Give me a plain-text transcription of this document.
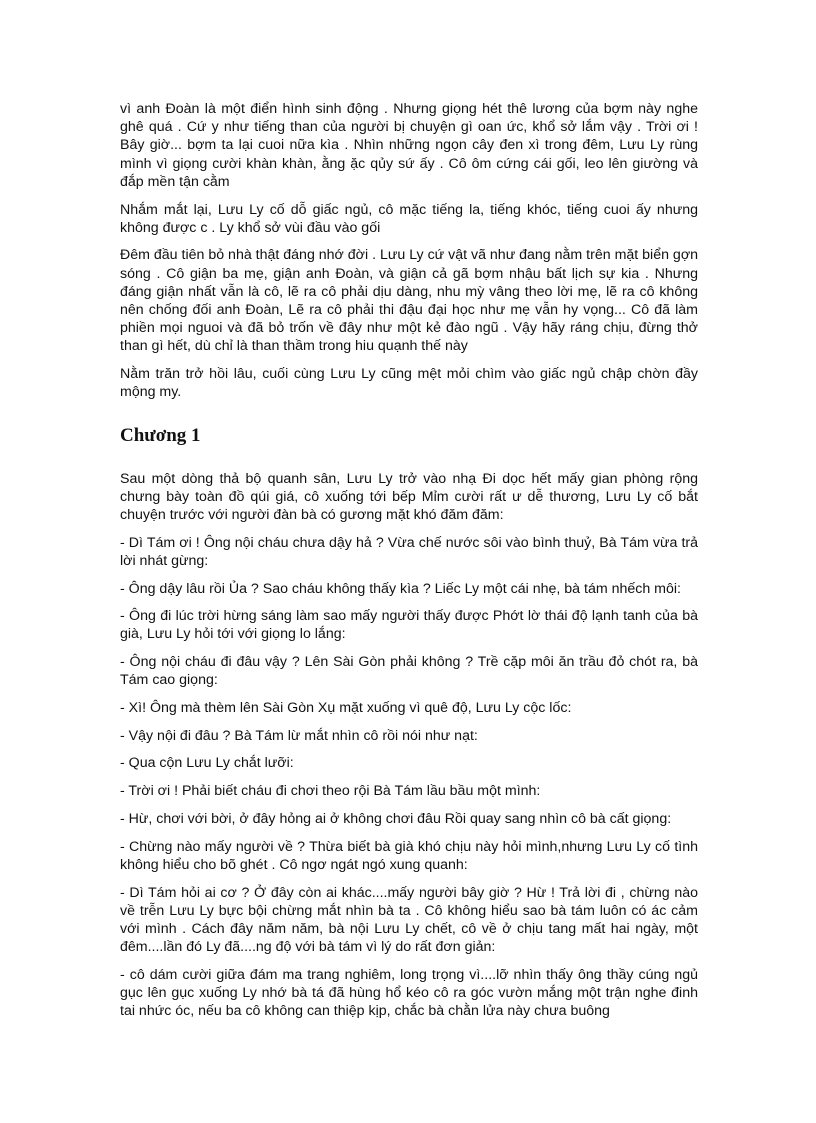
vì anh Đoàn là một điển hình sinh động . Nhưng giọng hét thê lương của bợm này nghe ghê quá . Cứ y như tiếng than của người bị chuyện gì oan ức, khổ sở lắm vậy . Trời ơi ! Bây giờ... bợm ta lại cuoi nữa kìa . Nhìn những ngọn cây đen xì trong đêm, Lưu Ly rùng mình vì giọng cười khàn khàn, ằng ặc qủy sứ ấy . Cô ôm cứng cái gối, leo lên giường và đắp mền tận cằm

Nhắm mắt lại, Lưu Ly cố dỗ giấc ngủ, cô mặc tiếng la, tiếng khóc, tiếng cuoi ấy nhưng không được c . Ly khổ sở vùi đầu vào gối

Đêm đầu tiên bỏ nhà thật đáng nhớ đời . Lưu Ly cứ vật vã như đang nằm trên mặt biển gợn sóng . Cô giận ba mẹ, giận anh Đoàn, và giận cả gã bợm nhậu bất lịch sự kia . Nhưng đáng giận nhất vẫn là cô, lẽ ra cô phải dịu dàng, nhu mỳ vâng theo lời mẹ, lẽ ra cô không nên chống đối anh Đoàn, Lẽ ra cô phải thi đậu đại học như mẹ vẫn hy vọng... Cô đã làm phiền mọi nguoi và đã bỏ trốn về đây như một kẻ đào ngũ . Vậy hãy ráng chịu, đừng thở than gì hết, dù chỉ là than thầm trong hiu quạnh thế này

Nằm trăn trở hồi lâu, cuối cùng Lưu Ly cũng mệt mỏi chìm vào giấc ngủ chập chờn đầy mộng my.

Chương 1

Sau một dòng thả bộ quanh sân, Lưu Ly trở vào nhạ Đi dọc hết mấy gian phòng rộng chưng bày toàn đồ qúi giá, cô xuống tới bếp Mỉm cười rất ư dễ thương, Lưu Ly cố bắt chuyện trước với người đàn bà có gương mặt khó đăm đăm:

- Dì Tám ơi ! Ông nội cháu chưa dậy hả ? Vừa chế nước sôi vào bình thuỷ, Bà Tám vừa trả lời nhát gừng:

- Ông dậy lâu rồi Ủa ? Sao cháu không thấy kìa ? Liếc Ly một cái nhẹ, bà tám nhếch môi:

- Ông đi lúc trời hừng sáng làm sao mấy người thấy được Phớt lờ thái độ lạnh tanh của bà già, Lưu Ly hỏi tới với giọng lo lắng:

- Ông nội cháu đi đâu vậy ? Lên Sài Gòn phải không ? Trề cặp môi ăn trầu đỏ chót ra, bà Tám cao giọng:

- Xì! Ông mà thèm lên Sài Gòn Xụ mặt xuống vì quê độ, Lưu Ly cộc lốc:

- Vậy nội đi đâu ? Bà Tám lừ mắt nhìn cô rồi nói như nạt:

- Qua cộn Lưu Ly chắt lưỡi:

- Trời ơi ! Phải biết cháu đi chơi theo rội Bà Tám lầu bầu một mình:

- Hừ, chơi với bời, ở đây hỏng ai ở không chơi đâu Rồi quay sang nhìn cô bà cất giọng:

- Chừng nào mấy người về ? Thừa biết bà già khó chịu này hỏi mình,nhưng Lưu Ly cố tình không hiểu cho bõ ghét . Cô ngơ ngát ngó xung quanh:

- Dì Tám hỏi ai cơ ? Ở đây còn ai khác....mấy người bây giờ ? Hừ ! Trả lời đi , chừng nào về trễn Lưu Ly bực bội chừng mắt nhìn bà ta . Cô không hiểu sao bà tám luôn có ác cảm với mình . Cách đây năm năm, bà nội Lưu Ly chết, cô về ở chịu tang mất hai ngày, một đêm....lần đó Ly đã....ng độ với bà tám vì lý do rất đơn giản:

- cô dám cười giữa đám ma trang nghiêm, long trọng vì....lỡ nhìn thấy ông thầy cúng ngủ gục lên gục xuống Ly nhớ bà tá đã hùng hổ kéo cô ra góc vườn mắng một trận nghe đinh tai nhức óc, nếu ba cô không can thiệp kịp, chắc bà chằn lửa này chưa buông
